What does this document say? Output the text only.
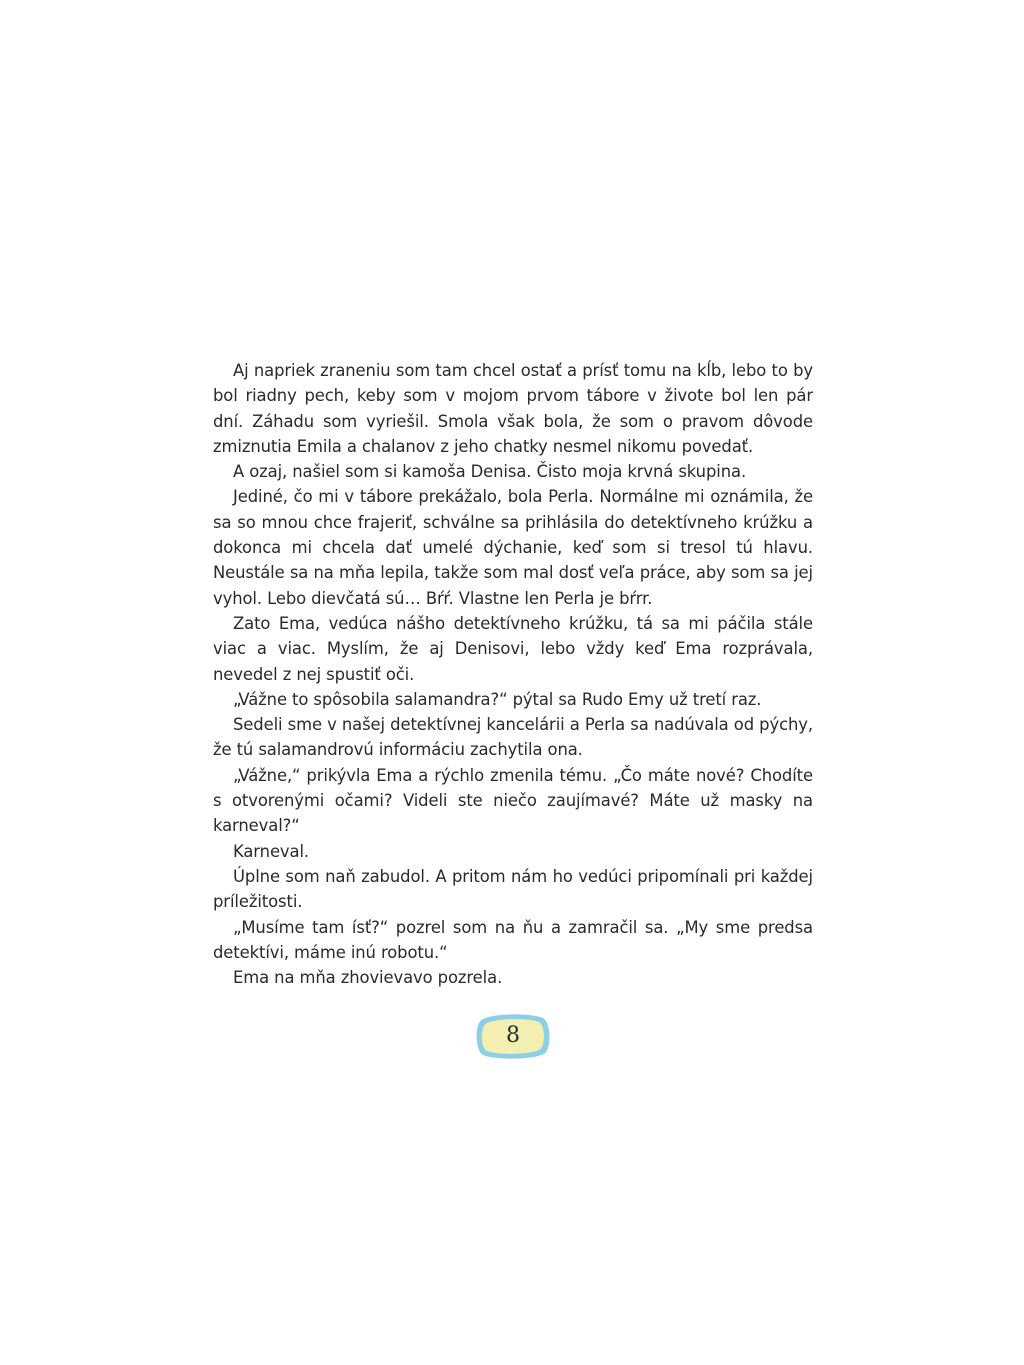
Aj napriek zraneniu som tam chcel ostať a prísť tomu na kĺb, lebo to by bol riadny pech, keby som v mojom prvom tábore v živote bol len pár dní. Záhadu som vyriešil. Smola však bola, že som o pravom dôvode zmiznutia Emila a chalanov z jeho chatky nesmel nikomu povedať.

A ozaj, našiel som si kamoša Denisa. Čisto moja krvná skupina.

Jediné, čo mi v tábore prekážalo, bola Perla. Normálne mi oznámila, že sa so mnou chce frajeriť, schválne sa prihlásila do detektívneho krúžku a dokonca mi chcela dať umelé dýchanie, keď som si tresol tú hlavu. Neustále sa na mňa lepila, takže som mal dosť veľa práce, aby som sa jej vyhol. Lebo dievčatá sú… Bŕŕ. Vlastne len Perla je bŕrr.

Zato Ema, vedúca nášho detektívneho krúžku, tá sa mi páčila stále viac a viac. Myslím, že aj Denisovi, lebo vždy keď Ema rozprávala, nevedel z nej spustiť oči.

„Vážne to spôsobila salamandra?“ pýtal sa Rudo Emy už tretí raz.

Sedeli sme v našej detektívnej kancelárii a Perla sa nadúvala od pýchy, že tú salamandrovú informáciu zachytila ona.

„Vážne,“ prikývla Ema a rýchlo zmenila tému. „Čo máte nové? Chodíte s otvorenými očami? Videli ste niečo zaujímavé? Máte už masky na karneval?“

Karneval.

Úplne som naň zabudol. A pritom nám ho vedúci pripomínali pri každej príležitosti.

„Musíme tam ísť?“ pozrel som na ňu a zamračil sa. „My sme predsa detektívi, máme inú robotu.“

Ema na mňa zhovievavo pozrela.

8
